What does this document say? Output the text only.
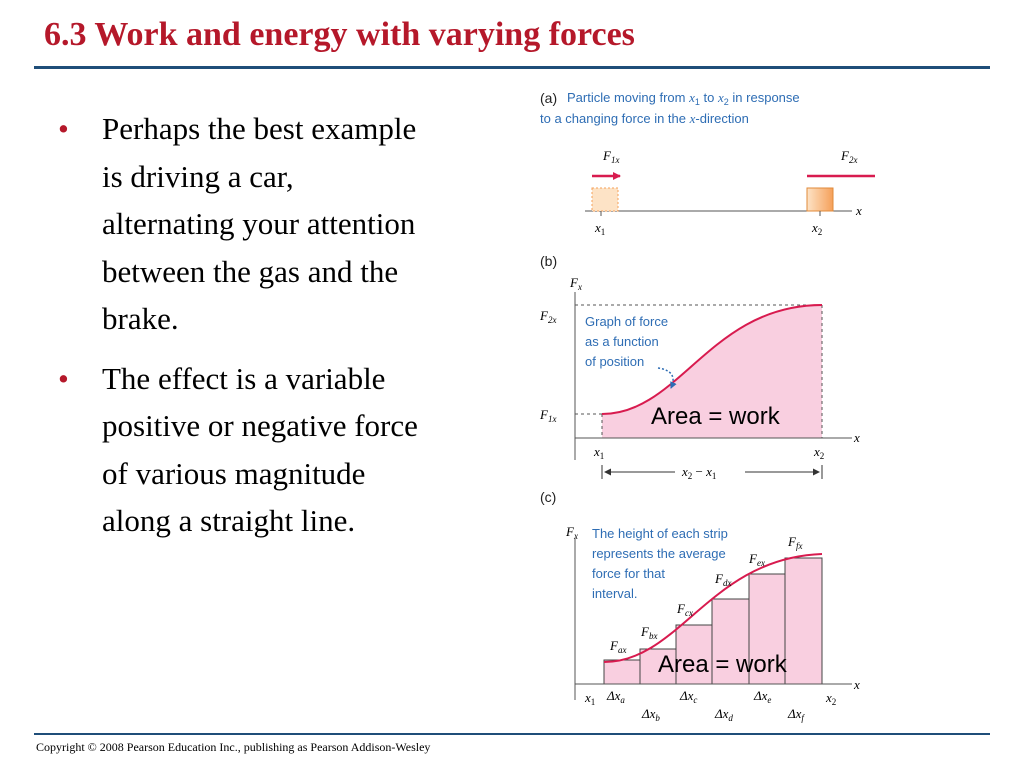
6.3 Work and energy with varying forces
• Perhaps the best example is driving a car, alternating your attention between the gas and the brake.
• The effect is a variable positive or negative force of various magnitude along a straight line.
(a) Particle moving from $x_1$ to $x_2$ in response
to a changing force in the x-direction
x
$F_{1x}$	$F_{2x}$
$x_1$	$x_2$
(b)
$F_x$
x
$F_{2x}$
$F_{1x}$
Graph of force
as a function
of position
Area = work
$x_1$	$x_2$
$x_2 - x_1$
(c)
$F_x$
x
The height of each strip
represents the average
force for that
interval.
$F_{ax}$
$F_{bx}$
$F_{cx}$
$F_{dx}$
$F_{ex}$
$F_{fx}$
Area = work
$x_1$	$x_2$
$\Delta x_a$
$\Delta x_b$
$\Delta x_c$
$\Delta x_d$
$\Delta x_e$
$\Delta x_f$
Copyright © 2008 Pearson Education Inc., publishing as Pearson Addison-Wesley
